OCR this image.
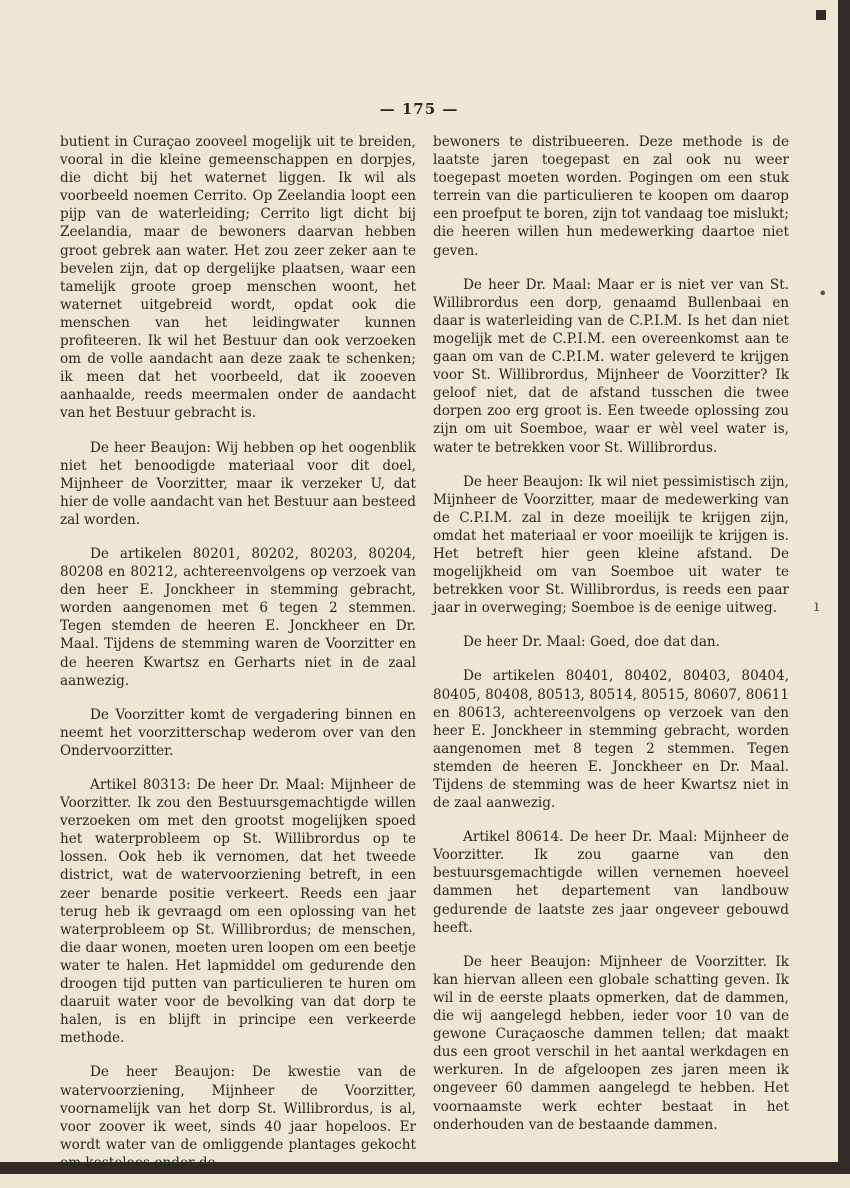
— 175 —

butient in Curaçao zooveel mogelijk uit te breiden, vooral in die kleine gemeenschappen en dorpjes, die dicht bij het waternet liggen. Ik wil als voorbeeld noemen Cerrito. Op Zeelandia loopt een pijp van de waterleiding; Cerrito ligt dicht bij Zeelandia, maar de bewoners daarvan hebben groot gebrek aan water. Het zou zeer zeker aan te bevelen zijn, dat op dergelijke plaatsen, waar een tamelijk groote groep menschen woont, het waternet uitgebreid wordt, opdat ook die menschen van het leidingwater kunnen profiteeren. Ik wil het Bestuur dan ook verzoeken om de volle aandacht aan deze zaak te schenken; ik meen dat het voorbeeld, dat ik zooeven aanhaalde, reeds meermalen onder de aandacht van het Bestuur gebracht is.

De heer Beaujon: Wij hebben op het oogenblik niet het benoodigde materiaal voor dit doel, Mijnheer de Voorzitter, maar ik verzeker U, dat hier de volle aandacht van het Bestuur aan besteed zal worden.

De artikelen 80201, 80202, 80203, 80204, 80208 en 80212, achtereenvolgens op verzoek van den heer E. Jonckheer in stemming gebracht, worden aangenomen met 6 tegen 2 stemmen. Tegen stemden de heeren E. Jonckheer en Dr. Maal. Tijdens de stemming waren de Voorzitter en de heeren Kwartsz en Gerharts niet in de zaal aanwezig.

De Voorzitter komt de vergadering binnen en neemt het voorzitterschap wederom over van den Ondervoorzitter.

Artikel 80313: De heer Dr. Maal: Mijnheer de Voorzitter. Ik zou den Bestuursgemachtigde willen verzoeken om met den grootst mogelijken spoed het waterprobleem op St. Willibrordus op te lossen. Ook heb ik vernomen, dat het tweede district, wat de watervoorziening betreft, in een zeer benarde positie verkeert. Reeds een jaar terug heb ik gevraagd om een oplossing van het waterprobleem op St. Willibrordus; de menschen, die daar wonen, moeten uren loopen om een beetje water te halen. Het lapmiddel om gedurende den droogen tijd putten van particulieren te huren om daaruit water voor de bevolking van dat dorp te halen, is en blijft in principe een verkeerde methode.

De heer Beaujon: De kwestie van de watervoorziening, Mijnheer de Voorzitter, voornamelijk van het dorp St. Willibrordus, is al, voor zoover ik weet, sinds 40 jaar hopeloos. Er wordt water van de omliggende plantages gekocht om kosteloos onder de

bewoners te distribueeren. Deze methode is de laatste jaren toegepast en zal ook nu weer toegepast moeten worden. Pogingen om een stuk terrein van die particulieren te koopen om daarop een proefput te boren, zijn tot vandaag toe mislukt; die heeren willen hun medewerking daartoe niet geven.

De heer Dr. Maal: Maar er is niet ver van St. Willibrordus een dorp, genaamd Bullenbaai en daar is waterleiding van de C.P.I.M. Is het dan niet mogelijk met de C.P.I.M. een overeenkomst aan te gaan om van de C.P.I.M. water geleverd te krijgen voor St. Willibrordus, Mijnheer de Voorzitter? Ik geloof niet, dat de afstand tusschen die twee dorpen zoo erg groot is. Een tweede oplossing zou zijn om uit Soemboe, waar er wèl veel water is, water te betrekken voor St. Willibrordus.

De heer Beaujon: Ik wil niet pessimistisch zijn, Mijnheer de Voorzitter, maar de medewerking van de C.P.I.M. zal in deze moeilijk te krijgen zijn, omdat het materiaal er voor moeilijk te krijgen is. Het betreft hier geen kleine afstand. De mogelijkheid om van Soemboe uit water te betrekken voor St. Willibrordus, is reeds een paar jaar in overweging; Soemboe is de eenige uitweg.

De heer Dr. Maal: Goed, doe dat dan.

De artikelen 80401, 80402, 80403, 80404, 80405, 80408, 80513, 80514, 80515, 80607, 80611 en 80613, achtereenvolgens op verzoek van den heer E. Jonckheer in stemming gebracht, worden aangenomen met 8 tegen 2 stemmen. Tegen stemden de heeren E. Jonckheer en Dr. Maal. Tijdens de stemming was de heer Kwartsz niet in de zaal aanwezig.

Artikel 80614. De heer Dr. Maal: Mijnheer de Voorzitter. Ik zou gaarne van den bestuursgemachtigde willen vernemen hoeveel dammen het departement van landbouw gedurende de laatste zes jaar ongeveer gebouwd heeft.

De heer Beaujon: Mijnheer de Voorzitter. Ik kan hiervan alleen een globale schatting geven. Ik wil in de eerste plaats opmerken, dat de dammen, die wij aangelegd hebben, ieder voor 10 van de gewone Curaçaosche dammen tellen; dat maakt dus een groot verschil in het aantal werkdagen en werkuren. In de afgeloopen zes jaren meen ik ongeveer 60 dammen aangelegd te hebben. Het voornaamste werk echter bestaat in het onderhouden van de bestaande dammen.

•
ı
